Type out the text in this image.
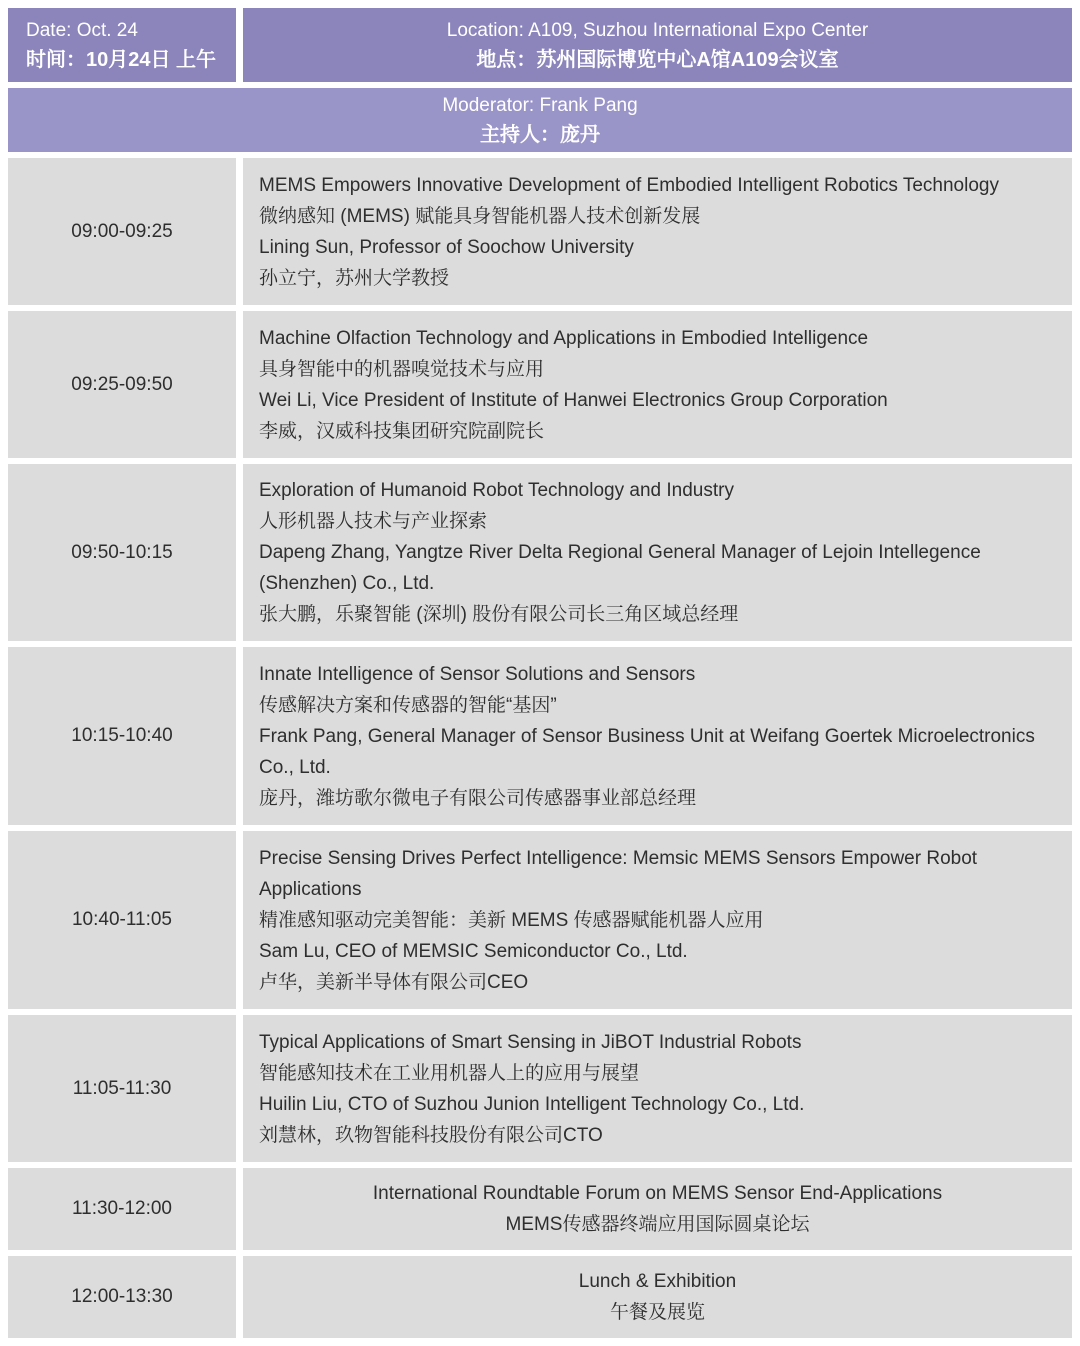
Date: Oct. 24
时间：10月24日 上午
Location: A109, Suzhou International Expo Center
地点：苏州国际博览中心A馆A109会议室
Moderator: Frank Pang
主持人：庞丹
09:00-09:25
MEMS Empowers Innovative Development of Embodied Intelligent Robotics Technology
微纳感知 (MEMS) 赋能具身智能机器人技术创新发展
Lining Sun, Professor of Soochow University
孙立宁，苏州大学教授
09:25-09:50
Machine Olfaction Technology and Applications in Embodied Intelligence
具身智能中的机器嗅觉技术与应用
Wei Li, Vice President of Institute of Hanwei Electronics Group Corporation
李威，汉威科技集团研究院副院长
09:50-10:15
Exploration of Humanoid Robot Technology and Industry
人形机器人技术与产业探索
Dapeng Zhang, Yangtze River Delta Regional General Manager of Lejoin Intellegence (Shenzhen) Co., Ltd.
张大鹏，乐聚智能 (深圳) 股份有限公司长三角区域总经理
10:15-10:40
Innate Intelligence of Sensor Solutions and Sensors
传感解决方案和传感器的智能“基因”
Frank Pang, General Manager of Sensor Business Unit at Weifang Goertek Microelectronics Co., Ltd.
庞丹，潍坊歌尔微电子有限公司传感器事业部总经理
10:40-11:05
Precise Sensing Drives Perfect Intelligence: Memsic MEMS Sensors Empower Robot Applications
精准感知驱动完美智能：美新 MEMS 传感器赋能机器人应用
Sam Lu, CEO of MEMSIC Semiconductor Co., Ltd.
卢华，美新半导体有限公司CEO
11:05-11:30
Typical Applications of Smart Sensing in JiBOT Industrial Robots
智能感知技术在工业用机器人上的应用与展望
Huilin Liu, CTO of Suzhou Junion Intelligent Technology Co., Ltd.
刘慧林，玖物智能科技股份有限公司CTO
11:30-12:00
International Roundtable Forum on MEMS Sensor End-Applications
MEMS传感器终端应用国际圆桌论坛
12:00-13:30
Lunch & Exhibition
午餐及展览
